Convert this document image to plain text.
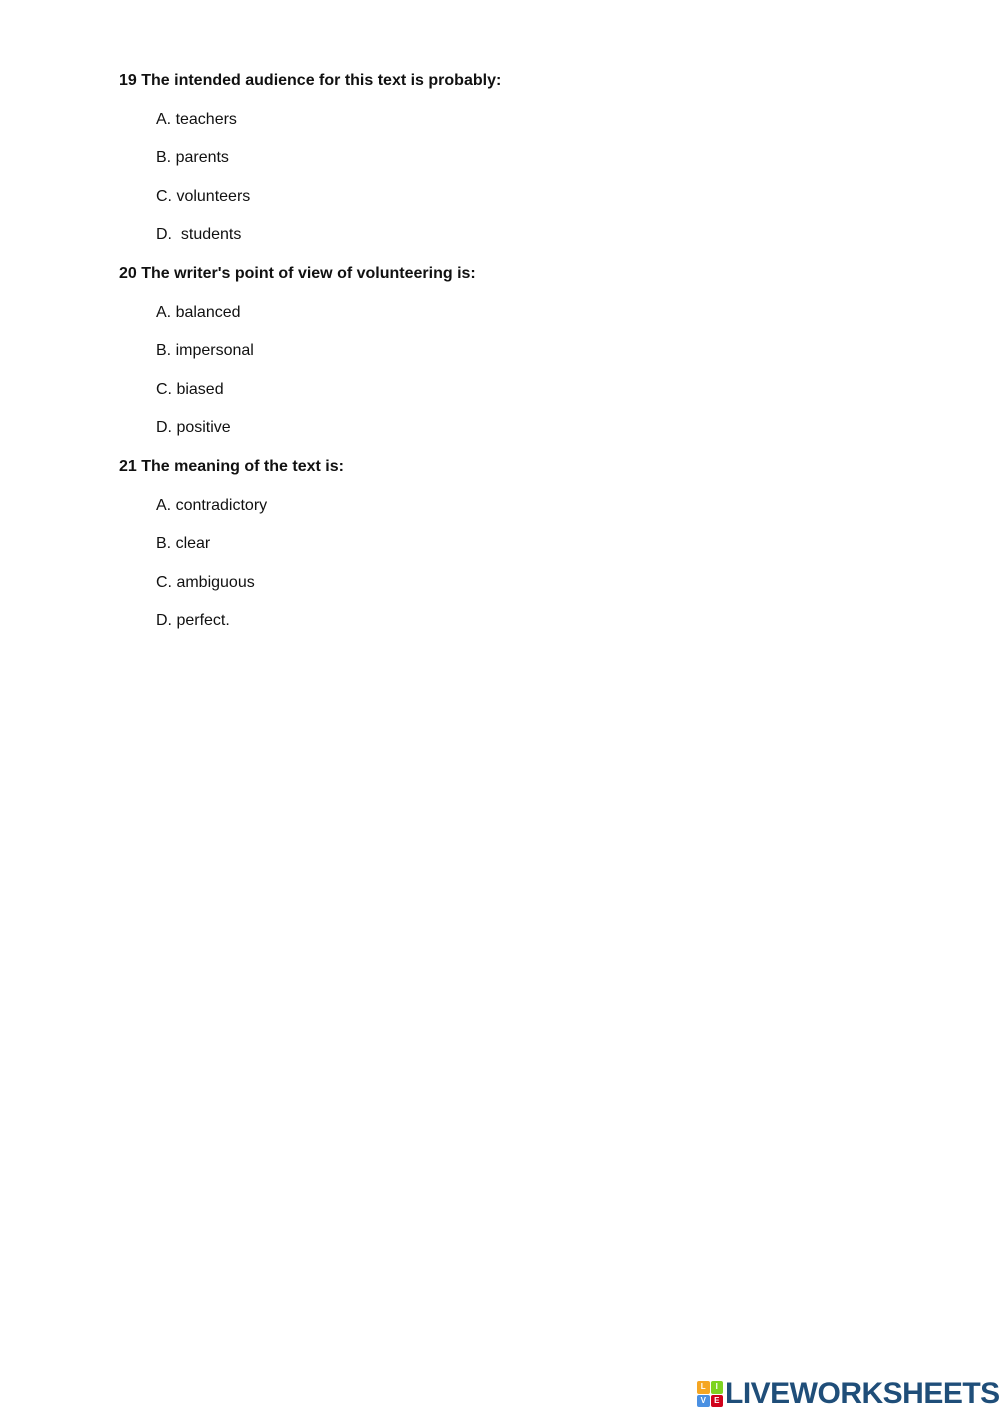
19 The intended audience for this text is probably:
A. teachers
B. parents
C. volunteers
D.  students
20 The writer's point of view of volunteering is:
A. balanced
B. impersonal
C. biased
D. positive
21 The meaning of the text is:
A. contradictory
B. clear
C. ambiguous
D. perfect.
L	I
V	E LIVEWORKSHEETS
